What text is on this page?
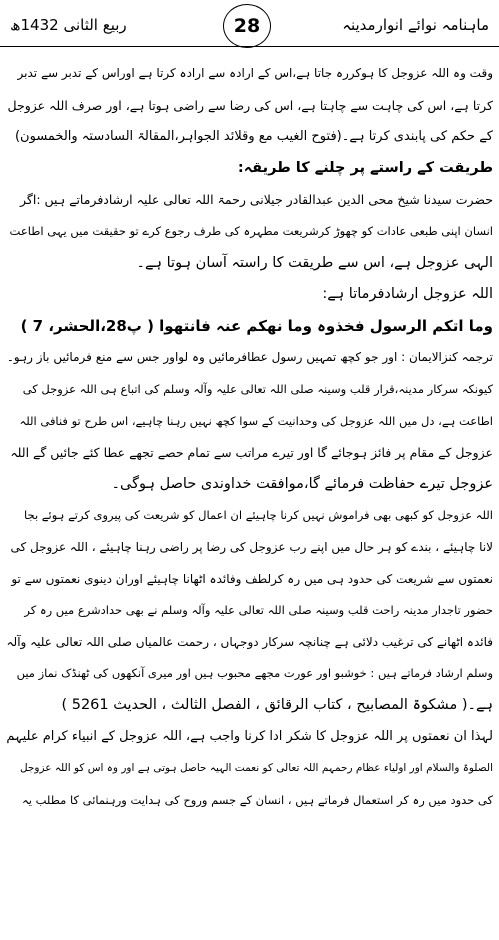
ماہنامہ نوائے انوارمدینہ
28
ربیع الثانی 1432ھ
وقت وہ اللہ عزوجل کا ہوکررہ جاتا ہے،اس کے ارادہ سے ارادہ کرتا ہے اوراس کے تدبر سے تدبر
کرتا ہے، اس کی چاہت سے چاہتا ہے، اس کی رضا سے راضی ہوتا ہے، اور صرف اللہ عزوجل
کے حکم کی پابندی کرتا ہے۔(فتوح الغیب مع وقلائد الجواہر،المقالۃ السادستہ والخمسون)
طریقت کے راستے پر چلنے کا طریقہ:
حضرت سیدنا شیخ محی الدین عبدالقادر جیلانی رحمۃ اللہ تعالی علیہ ارشادفرماتے ہیں :اگر
انسان اپنی طبعی عادات کو چھوڑ کرشریعت مطہرہ کی طرف رجوع کرے تو حقیقت میں یہی اطاعت
الہی عزوجل ہے، اس سے طریقت کا راستہ آسان ہوتا ہے۔
اللہ عزوجل ارشادفرماتا ہے:
وما اتکم الرسول فخذوہ وما نھکم عنہ فانتھوا ( پ28،الحشر، 7 )
ترجمہ کنزالایمان : اور جو کچھ تمہیں رسول عطافرمائیں وہ لواور جس سے منع فرمائیں باز رہو۔
کیونکہ سرکار مدینہ،قرار قلب وسینہ صلی اللہ تعالی علیہ وآلہ وسلم کی اتباع ہی اللہ عزوجل کی
اطاعت ہے، دل میں اللہ عزوجل کی وحدانیت کے سوا کچھ نہیں رہنا چاہیے، اس طرح تو فنافی اللہ
عزوجل کے مقام پر فائز ہوجائے گا اور تیرے مراتب سے تمام حصے تجھے عطا کئے جائیں گے اللہ
عزوجل تیرے حفاظت فرمائے گا،موافقت خداوندی حاصل ہوگی۔
اللہ عزوجل کو کبھی بھی فراموش نہیں کرنا چاہیئے ان اعمال کو شریعت کی پیروی کرتے ہوئے بجا
لانا چاہیئے ، بندے کو ہر حال میں اپنے رب عزوجل کی رضا پر راضی رہنا چاہیئے ، اللہ عزوجل کی
نعمتوں سے شریعت کی حدود ہی میں رہ کرلطف وفائدہ اٹھانا چاہیئے اوران دینوی نعمتوں سے تو
حضور تاجدار مدینہ راحت قلب وسینہ صلی اللہ تعالی علیہ وآلہ وسلم نے بھی حدادشرع میں رہ کر
فائدہ اٹھانے کی ترغیب دلائی ہے چنانچہ سرکار دوجہاں ، رحمت عالمیاں صلی اللہ تعالی علیہ وآلہ
وسلم ارشاد فرماتے ہیں : خوشبو اور عورت مجھے محبوب ہیں اور میری آنکھوں کی ٹھنڈک نماز میں
ہے۔( مشکوۃ المصابیح ، کتاب الرقائق ، الفصل الثالث ، الحدیث 5261 )
لہذا ان نعمتوں پر اللہ عزوجل کا شکر ادا کرنا واجب ہے، اللہ عزوجل کے انبیاء کرام علیہم
الصلوۃ والسلام اور اولیاء عظام رحمہم اللہ تعالی کو نعمت الہیہ حاصل ہوتی ہے اور وہ اس کو اللہ عزوجل
کی حدود میں رہ کر استعمال فرماتے ہیں ، انسان کے جسم وروح کی ہدایت ورہنمائی کا مطلب یہ
